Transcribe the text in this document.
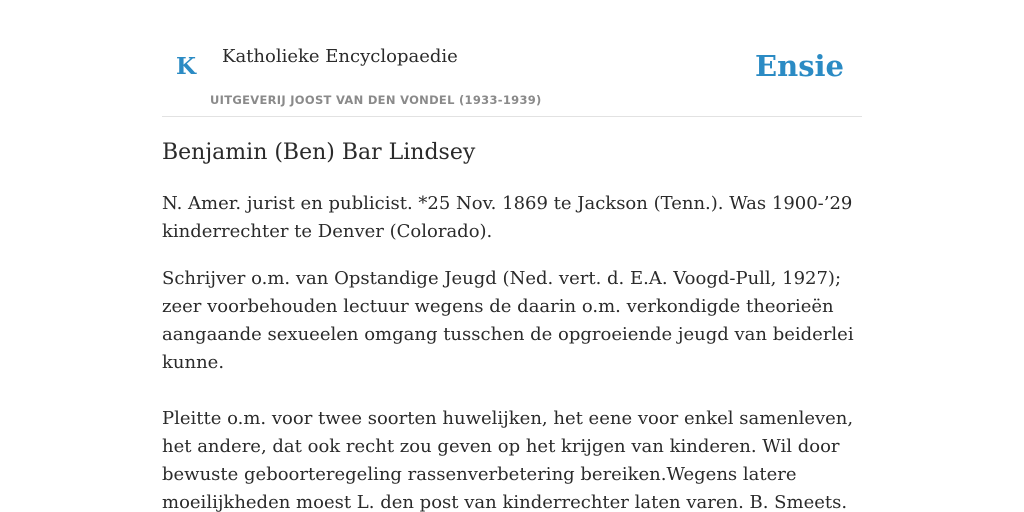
K Katholieke Encyclopaedie
UITGEVERIJ JOOST VAN DEN VONDEL (1933-1939)
Ensie
Benjamin (Ben) Bar Lindsey

N. Amer. jurist en publicist. *25 Nov. 1869 te Jackson (Tenn.). Was 1900-’29 kinderrechter te Denver (Colorado).

Schrijver o.m. van Opstandige Jeugd (Ned. vert. d. E.A. Voogd-Pull, 1927); zeer voorbehouden lectuur wegens de daarin o.m. verkondigde theorieën aangaande sexueelen omgang tusschen de opgroeiende jeugd van beiderlei kunne.

Pleitte o.m. voor twee soorten huwelijken, het eene voor enkel samenleven, het andere, dat ook recht zou geven op het krijgen van kinderen. Wil door bewuste geboorteregeling rassenverbetering bereiken.Wegens latere moeilijkheden moest L. den post van kinderrechter laten varen. B. Smeets.
